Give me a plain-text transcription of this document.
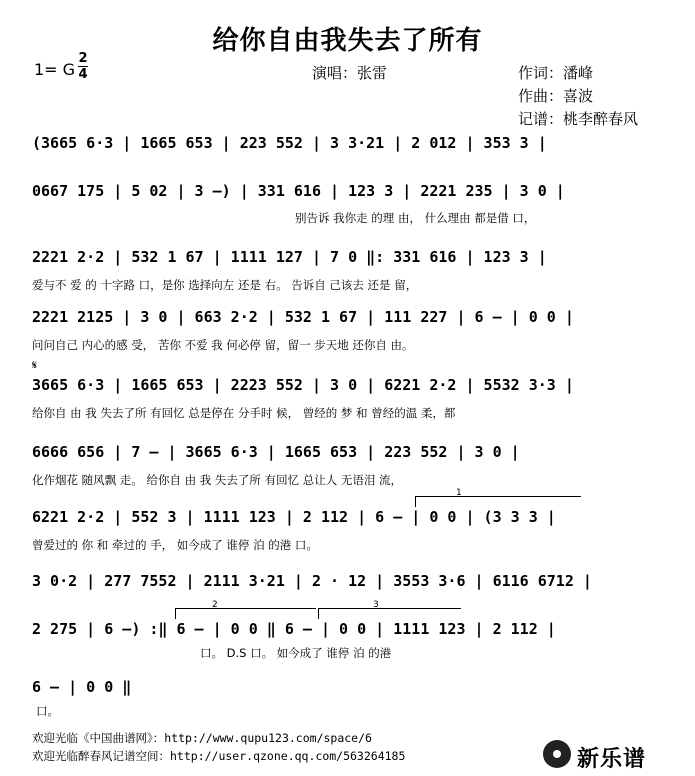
给你自由我失去了所有
1= G
2
4	演唱：张雷	作词：潘峰
作曲：喜波
记谱：桃李醉春风
(3665 6·3 | 1665 653 | 223 552 | 3 3·21 | 2 012 | 353 3 |
0667 175 | 5 02 | 3 –) | 331 616 | 123 3 | 2221 235 | 3 0 |
别告诉 我你走 的理 由， 什么理由 都是借 口，
2221 2·2 | 532 1 67 | 1111 127 | 7 0 ‖: 331 616 | 123 3 |
爱与不 爱 的 十字路 口，是你 选择向左 还是 右。 告诉自 己该去 还是 留，
2221 2125 | 3 0 | 663 2·2 | 532 1 67 | 111 227 | 6 – | 0 0 |
问问自己 内心的感 受， 苦你 不爱 我 何必停 留，留一 步天地 还你自 由。
𝄋
3665 6·3 | 1665 653 | 2223 552 | 3 0 | 6221 2·2 | 5532 3·3 |
给你自 由 我 失去了所 有回忆 总是停在 分手时 候， 曾经的 梦 和 曾经的温 柔，都
6666 656 | 7 – | 3665 6·3 | 1665 653 | 223 552 | 3 0 |
化作烟花 随风飘 走。 给你自 由 我 失去了所 有回忆 总让人 无语泪 流，
1
6221 2·2 | 552 3 | 1111 123 | 2 112 | 6 – | 0 0 | (3 3 3 |
曾爱过的 你 和 牵过的 手， 如今成了 谁停 泊 的港 口。
3 0·2 | 277 7552 | 2111 3·21 | 2 · 12 | 3553 3·6 | 6116 6712 |
2	3
2 275 | 6 –) :‖ 6 – | 0 0 ‖ 6 – | 0 0 | 1111 123 | 2 112 |
口。 D.S 口。 如今成了 谁停 泊 的港
6 – | 0 0 ‖
口。
欢迎光临《中国曲谱网》：http://www.qupu123.com/space/6
欢迎光临醉春风记谱空间：http://user.qzone.qq.com/563264185	新乐谱
